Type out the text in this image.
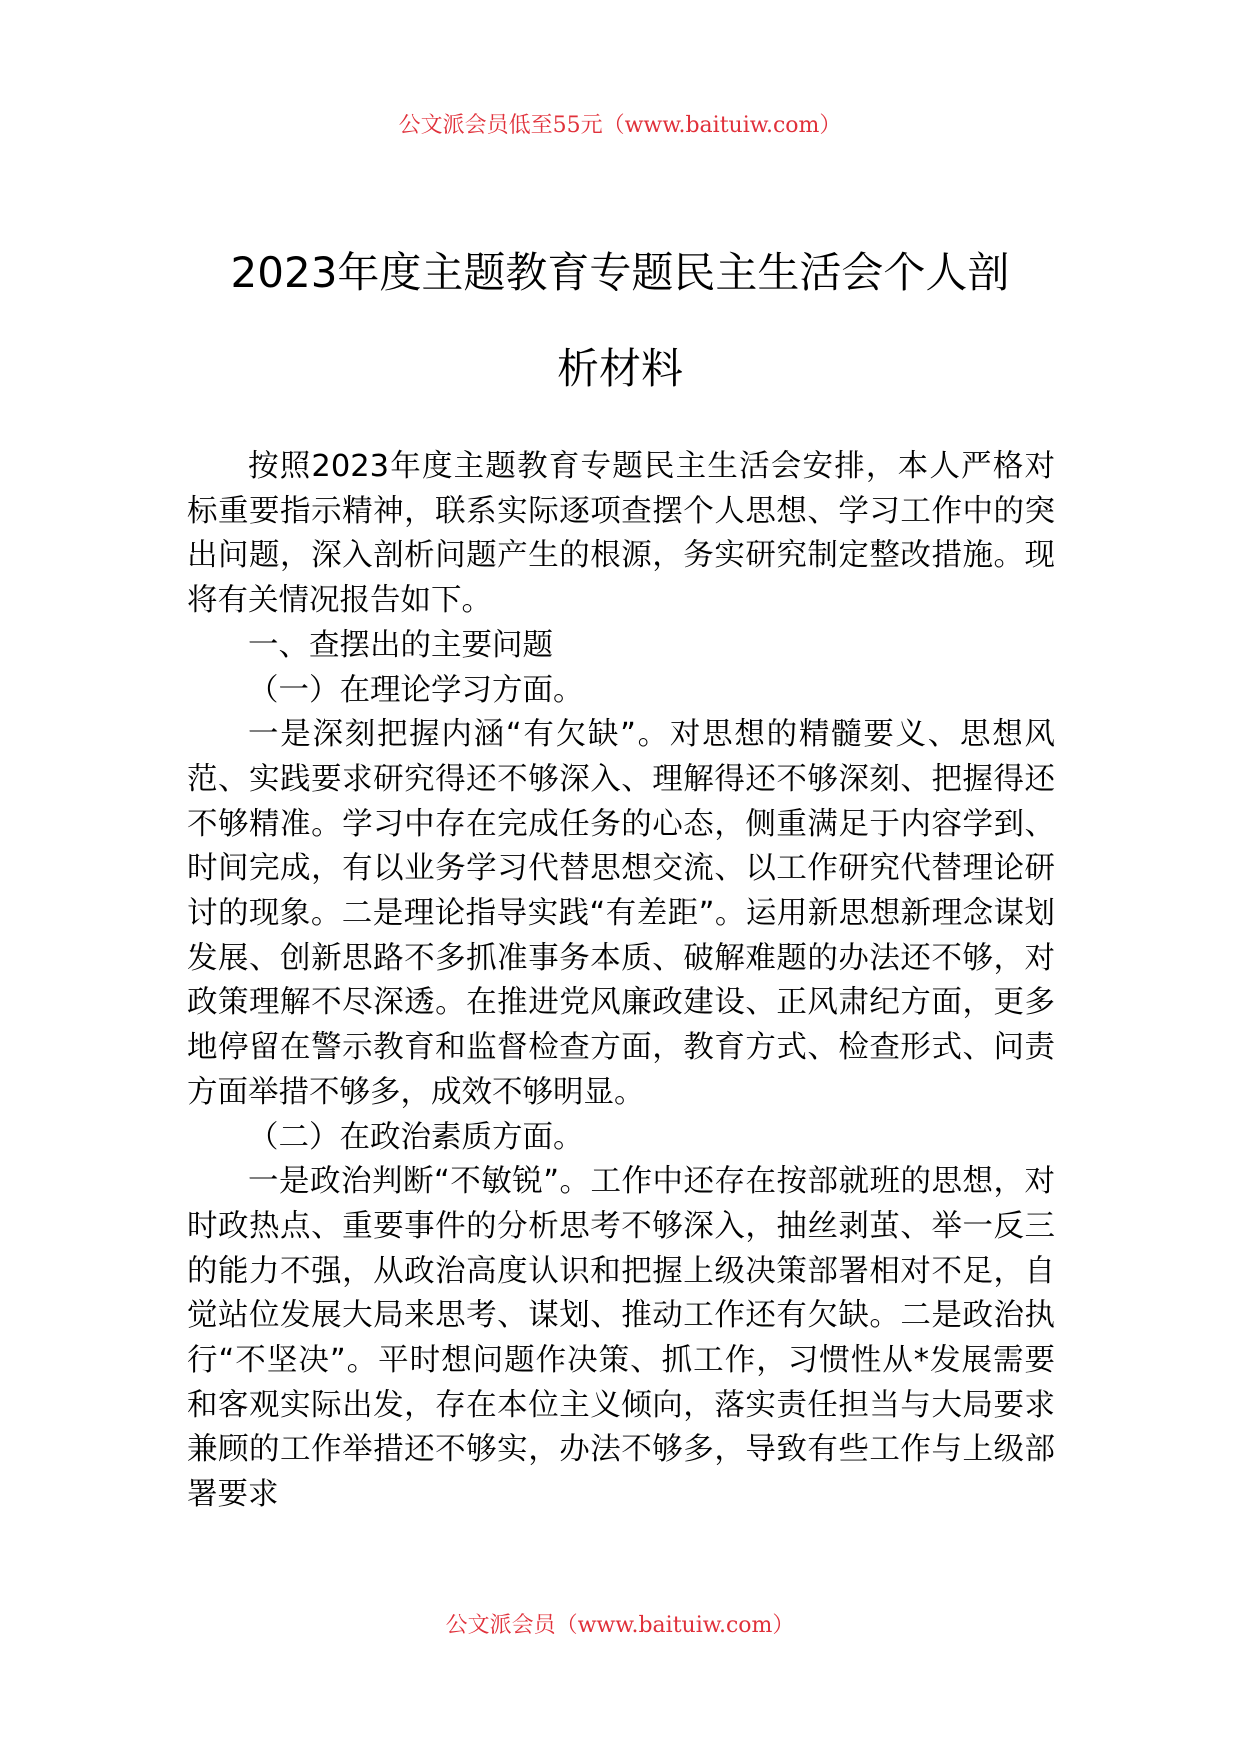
公文派会员低至55元（www.baituiw.com）
2023年度主题教育专题民主生活会个人剖
析材料

按照2023年度主题教育专题民主生活会安排，本人严格对标重要指示精神，联系实际逐项查摆个人思想、学习工作中的突出问题，深入剖析问题产生的根源，务实研究制定整改措施。现将有关情况报告如下。

一、查摆出的主要问题

（一）在理论学习方面。

一是深刻把握内涵“有欠缺”。对思想的精髓要义、思想风范、实践要求研究得还不够深入、理解得还不够深刻、把握得还不够精准。学习中存在完成任务的心态，侧重满足于内容学到、时间完成，有以业务学习代替思想交流、以工作研究代替理论研讨的现象。二是理论指导实践“有差距”。运用新思想新理念谋划发展、创新思路不多抓准事务本质、破解难题的办法还不够，对政策理解不尽深透。在推进党风廉政建设、正风肃纪方面，更多地停留在警示教育和监督检查方面，教育方式、检查形式、问责方面举措不够多，成效不够明显。

（二）在政治素质方面。

一是政治判断“不敏锐”。工作中还存在按部就班的思想，对时政热点、重要事件的分析思考不够深入，抽丝剥茧、举一反三的能力不强，从政治高度认识和把握上级决策部署相对不足，自觉站位发展大局来思考、谋划、推动工作还有欠缺。二是政治执行“不坚决”。平时想问题作决策、抓工作，习惯性从*发展需要和客观实际出发，存在本位主义倾向，落实责任担当与大局要求兼顾的工作举措还不够实，办法不够多，导致有些工作与上级部署要求

公文派会员（www.baituiw.com）
